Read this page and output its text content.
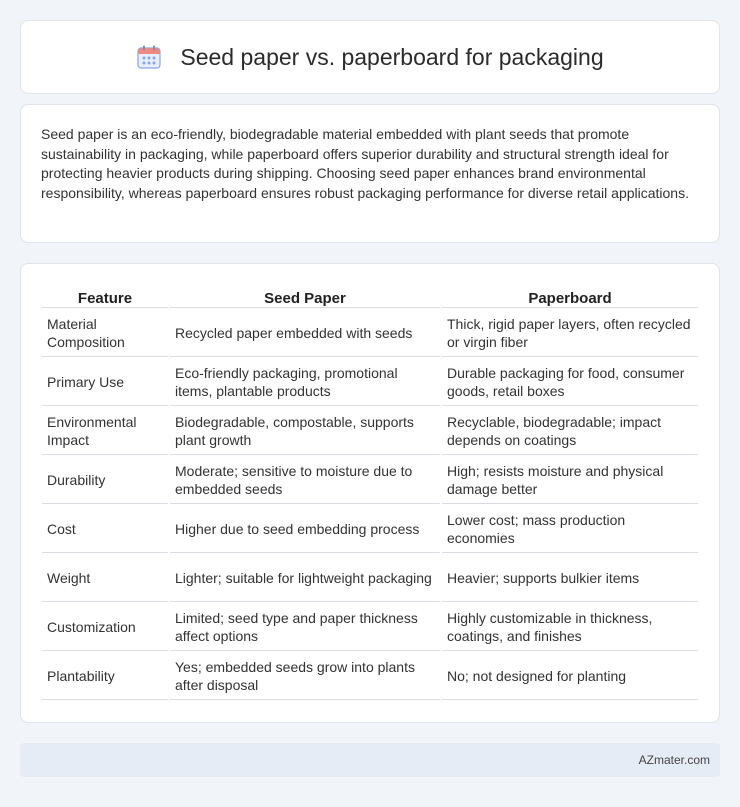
Seed paper vs. paperboard for packaging

Seed paper is an eco-friendly, biodegradable material embedded with plant seeds that promote sustainability in packaging, while paperboard offers superior durability and structural strength ideal for protecting heavier products during shipping. Choosing seed paper enhances brand environmental responsibility, whereas paperboard ensures robust packaging performance for diverse retail applications.

Feature	Seed Paper	Paperboard
Material Composition	Recycled paper embedded with seeds	Thick, rigid paper layers, often recycled or virgin fiber
Primary Use	Eco-friendly packaging, promotional items, plantable products	Durable packaging for food, consumer goods, retail boxes
Environmental Impact	Biodegradable, compostable, supports plant growth	Recyclable, biodegradable; impact depends on coatings
Durability	Moderate; sensitive to moisture due to embedded seeds	High; resists moisture and physical damage better
Cost	Higher due to seed embedding process	Lower cost; mass production economies
Weight	Lighter; suitable for lightweight packaging	Heavier; supports bulkier items
Customization	Limited; seed type and paper thickness affect options	Highly customizable in thickness, coatings, and finishes
Plantability	Yes; embedded seeds grow into plants after disposal	No; not designed for planting
AZmater.com
